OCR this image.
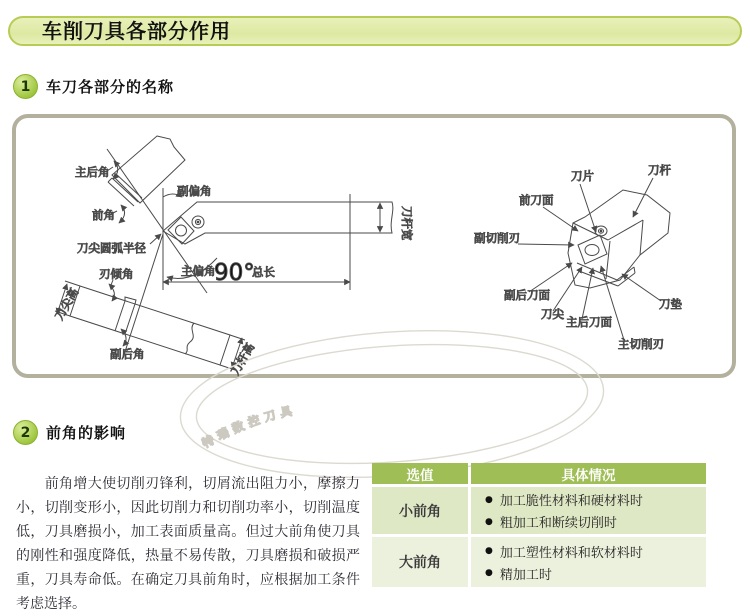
车削刀具各部分作用
1	车刀各部分的名称
副偏角
主偏角
90°
总长
刀杆宽
主后角
前角
刀尖圆弧半径
刀尖高
刀杆高
刃倾角
副后角
刀片	刀杆
前刀面
副切削刃
副后刀面
刀尖
主后刀面
主切削刃
刀垫
特瑞数控刀具
2	前角的影响

　　前角增大使切削刃锋利，切屑流出阻力小，摩擦力小，切削变形小，因此切削力和切削功率小，切削温度低，刀具磨损小，加工表面质量高。但过大前角使刀具的刚性和强度降低，热量不易传散，刀具磨损和破损严重，刀具寿命低。在确定刀具前角时，应根据加工条件考虑选择。

选值	具体情况
小前角
● 加工脆性材料和硬材料时
● 粗加工和断续切削时
大前角
● 加工塑性材料和软材料时
● 精加工时
